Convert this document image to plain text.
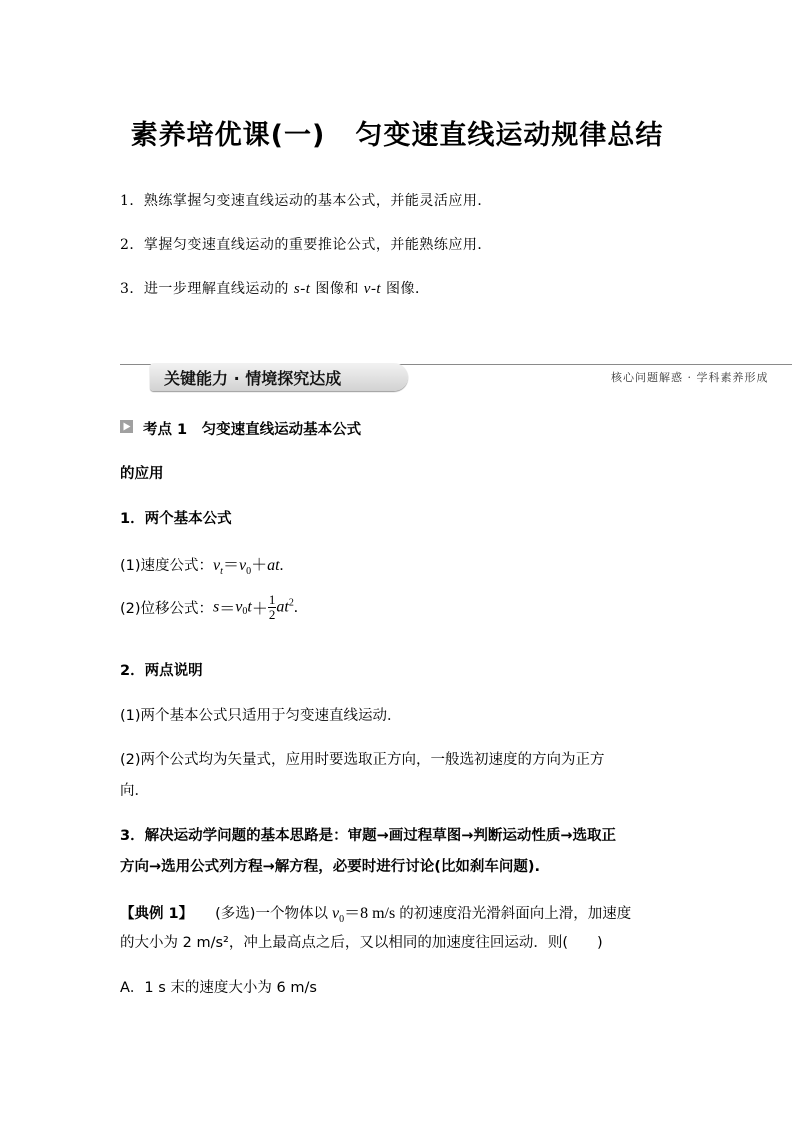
素养培优课(一) 匀变速直线运动规律总结
1．熟练掌握匀变速直线运动的基本公式，并能灵活应用．
2．掌握匀变速直线运动的重要推论公式，并能熟练应用．
3．进一步理解直线运动的 s-t 图像和 v-t 图像．
关键能力 · 情境探究达成	核心问题解惑 · 学科素养形成
考点 1　匀变速直线运动基本公式
的应用
1．两个基本公式
(1)速度公式：$v_t=v_0+at$.
(2)位移公式：$s=v_0t+ \frac{1}{2} at^2$.
2．两点说明
(1)两个基本公式只适用于匀变速直线运动．
(2)两个公式均为矢量式，应用时要选取正方向，一般选初速度的方向为正方
向．
3．解决运动学问题的基本思路是：审题→画过程草图→判断运动性质→选取正
方向→选用公式列方程→解方程，必要时进行讨论(比如刹车问题).
【典例 1】 (多选)一个物体以 $v_0=8$ m/s 的初速度沿光滑斜面向上滑，加速度
的大小为 2 m/s²，冲上最高点之后，又以相同的加速度往回运动．则(　　)
A．1 s 末的速度大小为 6 m/s
